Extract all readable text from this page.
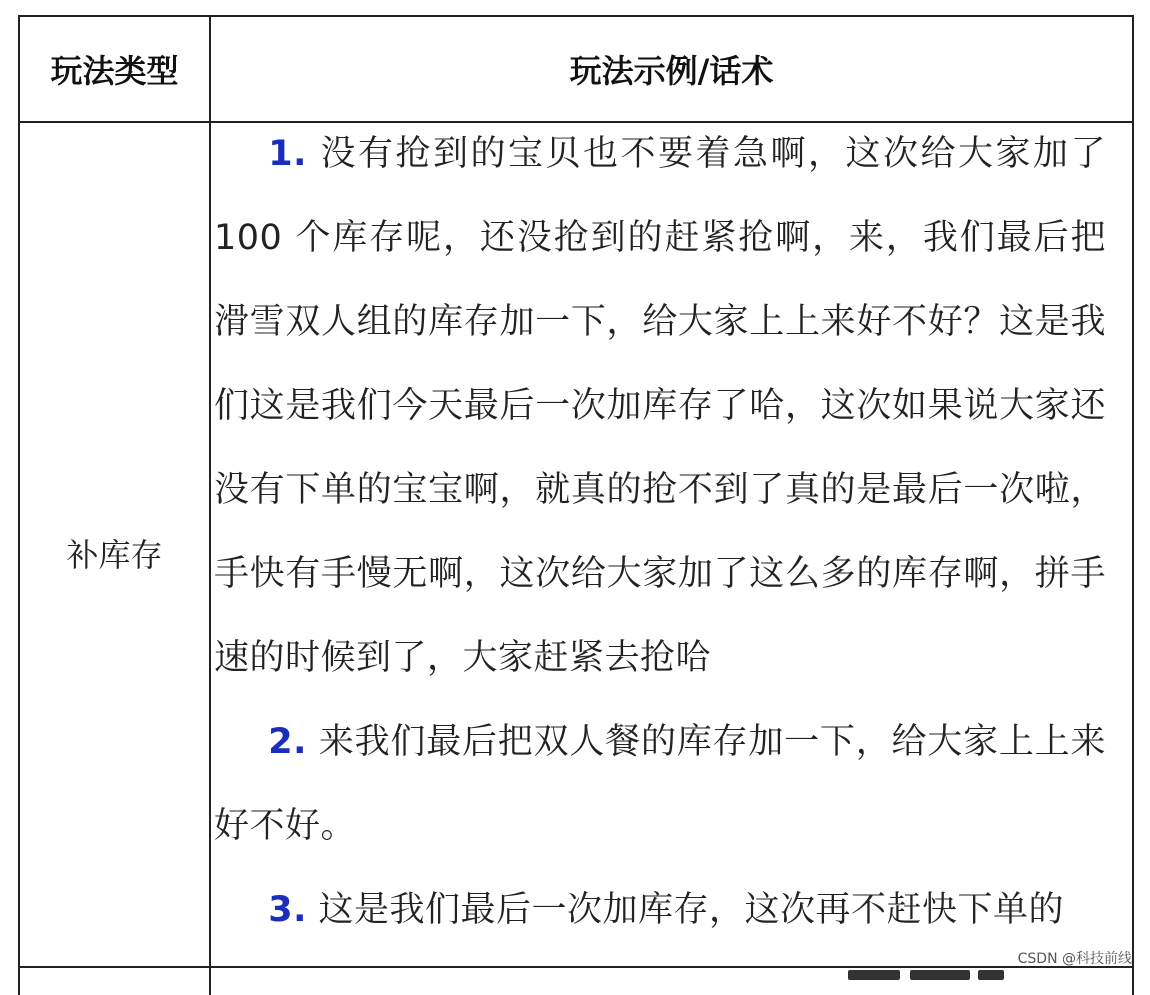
玩法类型	玩法示例/话术
补库存

1. 没有抢到的宝贝也不要着急啊，这次给大家加了100 个库存呢，还没抢到的赶紧抢啊，来，我们最后把滑雪双人组的库存加一下，给大家上上来好不好？这是我们这是我们今天最后一次加库存了哈，这次如果说大家还没有下单的宝宝啊，就真的抢不到了真的是最后一次啦，手快有手慢无啊，这次给大家加了这么多的库存啊，拼手速的时候到了，大家赶紧去抢哈

2. 来我们最后把双人餐的库存加一下，给大家上上来好不好。

3. 这是我们最后一次加库存，这次再不赶快下单的

CSDN @科技前线
